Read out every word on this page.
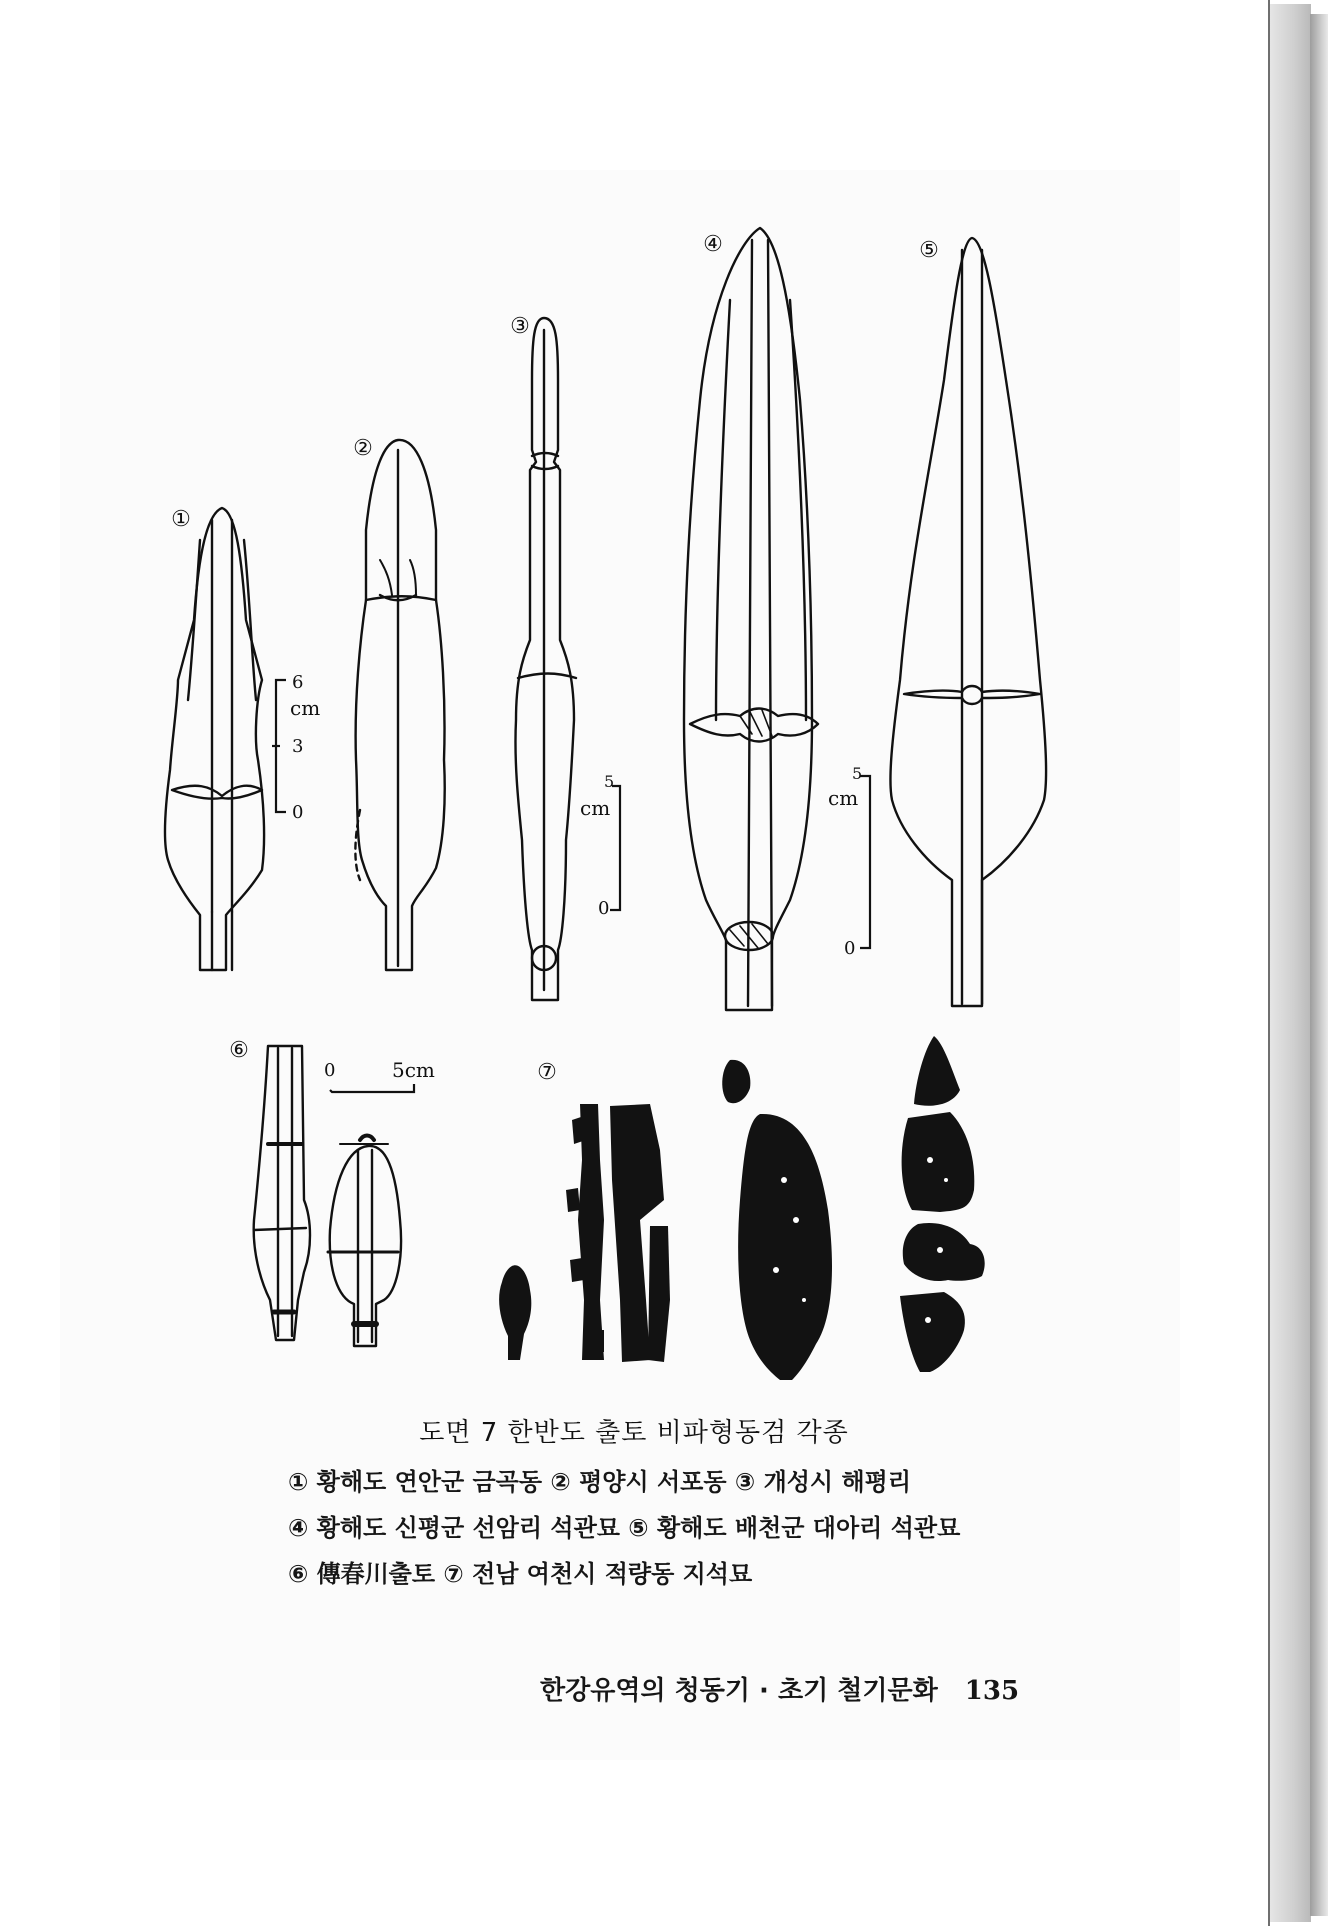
①
②
③
④	⑤
⑥
⑦
6
cm
3
0
5
cm
0
5
cm
0
0	5cm
도면 7 한반도 출토 비파형동검 각종
① 황해도 연안군 금곡동 ② 평양시 서포동 ③ 개성시 해평리
④ 황해도 신평군 선암리 석관묘 ⑤ 황해도 배천군 대아리 석관묘
⑥ 傳春川출토 ⑦ 전남 여천시 적량동 지석묘
한강유역의 청동기 · 초기 철기문화 135
